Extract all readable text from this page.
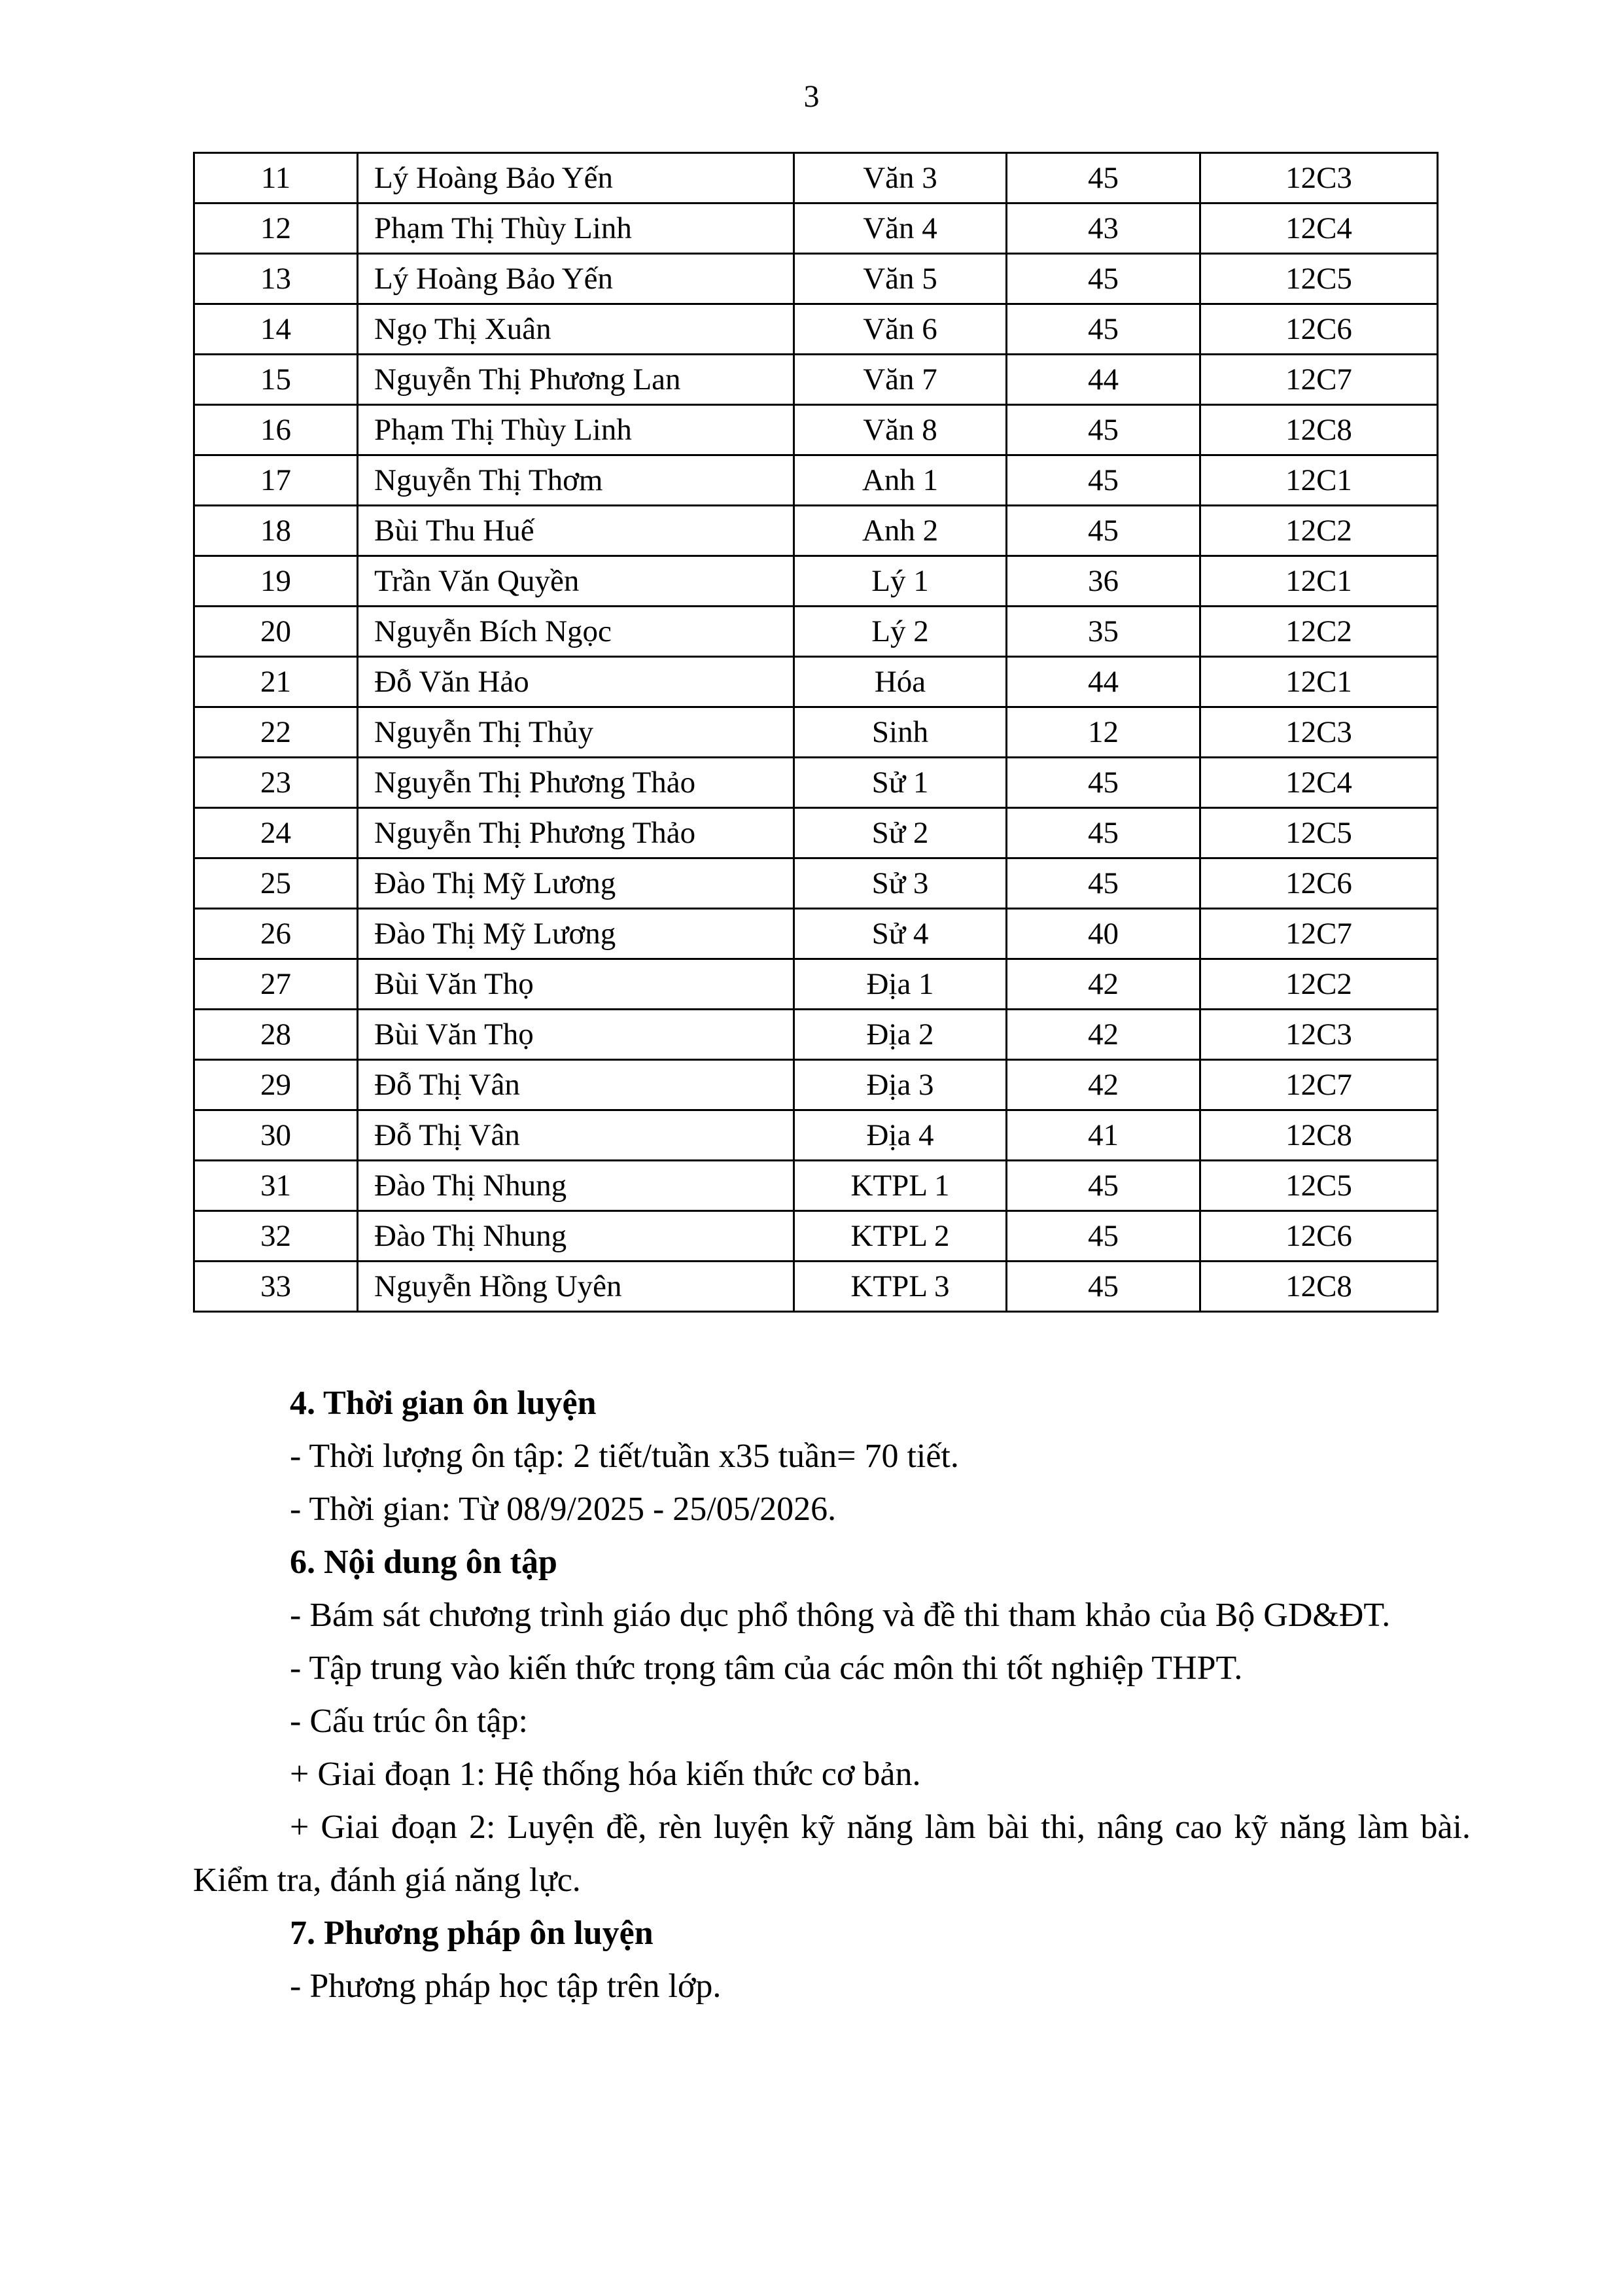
3
11	Lý Hoàng Bảo Yến	Văn 3	45	12C3
12	Phạm Thị Thùy Linh	Văn 4	43	12C4
13	Lý Hoàng Bảo Yến	Văn 5	45	12C5
14	Ngọ Thị Xuân	Văn 6	45	12C6
15	Nguyễn Thị Phương Lan	Văn 7	44	12C7
16	Phạm Thị Thùy Linh	Văn 8	45	12C8
17	Nguyễn Thị Thơm	Anh 1	45	12C1
18	Bùi Thu Huế	Anh 2	45	12C2
19	Trần Văn Quyền	Lý 1	36	12C1
20	Nguyễn Bích Ngọc	Lý 2	35	12C2
21	Đỗ Văn Hảo	Hóa	44	12C1
22	Nguyễn Thị Thủy	Sinh	12	12C3
23	Nguyễn Thị Phương Thảo	Sử 1	45	12C4
24	Nguyễn Thị Phương Thảo	Sử 2	45	12C5
25	Đào Thị Mỹ Lương	Sử 3	45	12C6
26	Đào Thị Mỹ Lương	Sử 4	40	12C7
27	Bùi Văn Thọ	Địa 1	42	12C2
28	Bùi Văn Thọ	Địa 2	42	12C3
29	Đỗ Thị Vân	Địa 3	42	12C7
30	Đỗ Thị Vân	Địa 4	41	12C8
31	Đào Thị Nhung	KTPL 1	45	12C5
32	Đào Thị Nhung	KTPL 2	45	12C6
33	Nguyễn Hồng Uyên	KTPL 3	45	12C8

4. Thời gian ôn luyện

- Thời lượng ôn tập: 2 tiết/tuần x35 tuần= 70 tiết.

- Thời gian: Từ 08/9/2025 - 25/05/2026.

6. Nội dung ôn tập

- Bám sát chương trình giáo dục phổ thông và đề thi tham khảo của Bộ GD&ĐT.

- Tập trung vào kiến thức trọng tâm của các môn thi tốt nghiệp THPT.

- Cấu trúc ôn tập:

+ Giai đoạn 1: Hệ thống hóa kiến thức cơ bản.

+ Giai đoạn 2: Luyện đề, rèn luyện kỹ năng làm bài thi, nâng cao kỹ năng làm bài. Kiểm tra, đánh giá năng lực.

7. Phương pháp ôn luyện

- Phương pháp học tập trên lớp.
